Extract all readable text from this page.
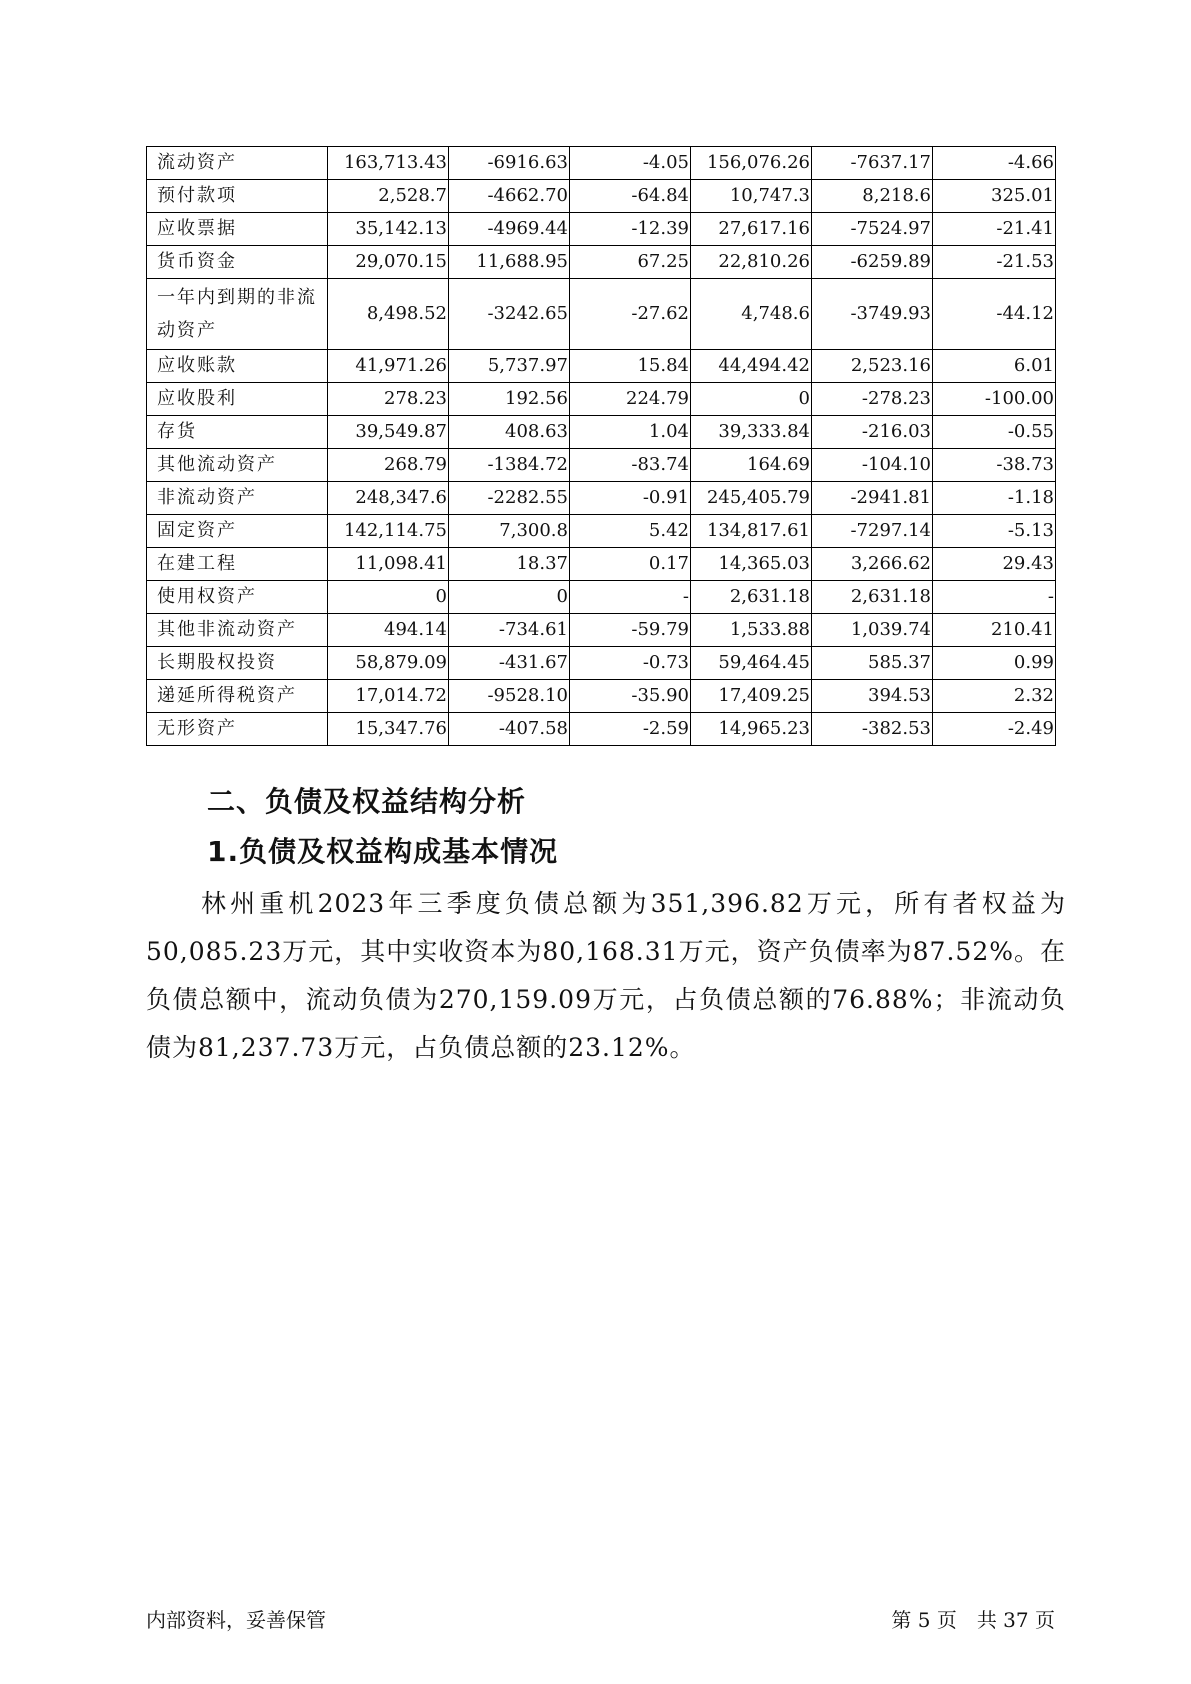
流动资产	163,713.43	-6916.63	-4.05	156,076.26	-7637.17	-4.66
预付款项	2,528.7	-4662.70	-64.84	10,747.3	8,218.6	325.01
应收票据	35,142.13	-4969.44	-12.39	27,617.16	-7524.97	-21.41
货币资金	29,070.15	11,688.95	67.25	22,810.26	-6259.89	-21.53
一年内到期的非流动资产	8,498.52	-3242.65	-27.62	4,748.6	-3749.93	-44.12
应收账款	41,971.26	5,737.97	15.84	44,494.42	2,523.16	6.01
应收股利	278.23	192.56	224.79	0	-278.23	-100.00
存货	39,549.87	408.63	1.04	39,333.84	-216.03	-0.55
其他流动资产	268.79	-1384.72	-83.74	164.69	-104.10	-38.73
非流动资产	248,347.6	-2282.55	-0.91	245,405.79	-2941.81	-1.18
固定资产	142,114.75	7,300.8	5.42	134,817.61	-7297.14	-5.13
在建工程	11,098.41	18.37	0.17	14,365.03	3,266.62	29.43
使用权资产	0	0	-	2,631.18	2,631.18	-
其他非流动资产	494.14	-734.61	-59.79	1,533.88	1,039.74	210.41
长期股权投资	58,879.09	-431.67	-0.73	59,464.45	585.37	0.99
递延所得税资产	17,014.72	-9528.10	-35.90	17,409.25	394.53	2.32
无形资产	15,347.76	-407.58	-2.59	14,965.23	-382.53	-2.49
二、负债及权益结构分析
1.负债及权益构成基本情况
林州重机2023年三季度负债总额为351,396.82万元，所有者权益为50,085.23万元，其中实收资本为80,168.31万元，资产负债率为87.52%。在负债总额中，流动负债为270,159.09万元，占负债总额的76.88%；非流动负债为81,237.73万元，占负债总额的23.12%。
内部资料，妥善保管	第 5 页　共 37 页
